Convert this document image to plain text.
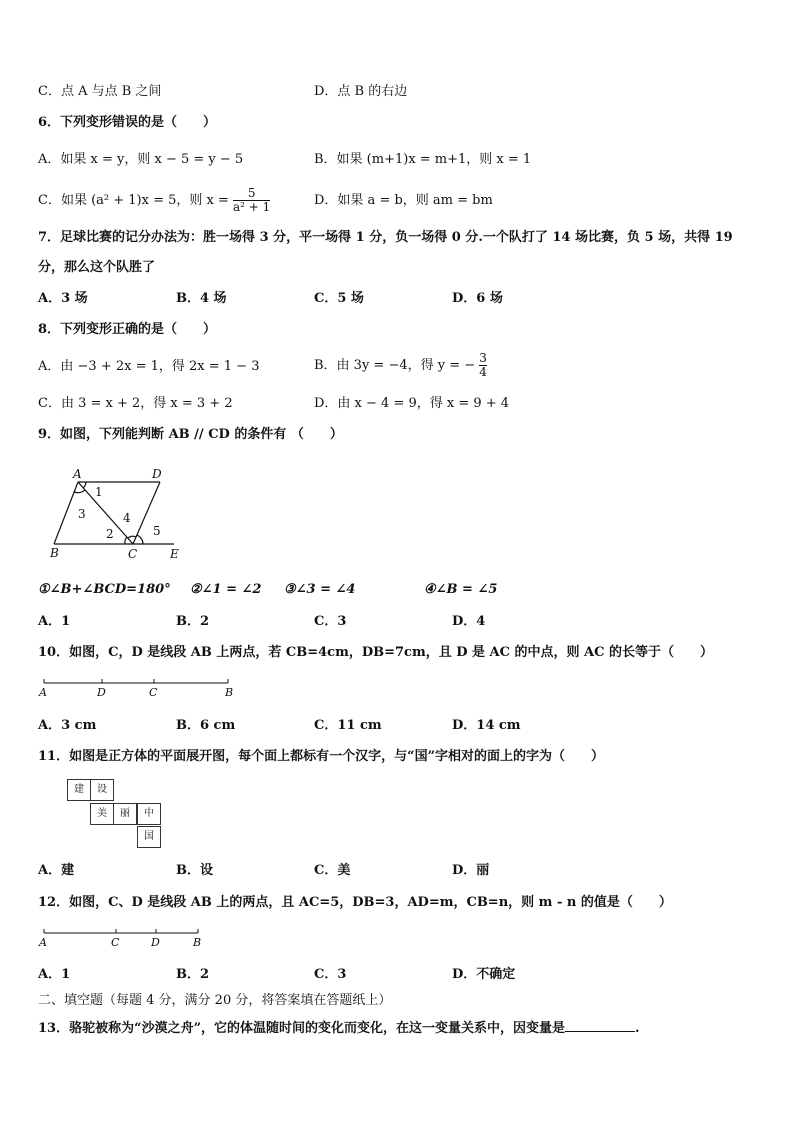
C．点 A 与点 B 之间	D．点 B 的右边
6．下列变形错误的是（　　）
A．如果 x = y，则 x − 5 = y − 5	B．如果 (m+1)x = m+1，则 x = 1
C．如果 (a² + 1)x = 5，则 $x = \frac{5}{\text{a² + 1}}$	D．如果 a = b，则 am = bm
7．足球比赛的记分办法为：胜一场得 3 分，平一场得 1 分，负一场得 0 分.一个队打了 14 场比赛，负 5 场，共得 19
分，那么这个队胜了
A．3 场	B．4 场	C．5 场	D．6 场
8．下列变形正确的是（　　）
A．由 −3 + 2x = 1，得 2x = 1 − 3	B．由 3y = −4，得 y = − $\frac{3}{4}$
C．由 3 = x + 2，得 x = 3 + 2	D．由 x − 4 = 9，得 x = 9 + 4
9．如图，下列能判断 AB // CD 的条件有 （　　）
A	D
B	C	E
1
3	4
2	5
①∠B+∠BCD=180° ②∠1 = ∠2 ③∠3 = ∠4	④∠B = ∠5
A．1	B．2	C．3	D．4
10．如图，C，D 是线段 AB 上两点，若 CB=4cm，DB=7cm，且 D 是 AC 的中点，则 AC 的长等于（　　）
A	D	C	B
A．3 cm	B．6 cm	C．11 cm	D．14 cm
11．如图是正方体的平面展开图，每个面上都标有一个汉字，与“国”字相对的面上的字为（　　）
建	设
美	丽	中
国
A．建	B．设	C．美	D．丽
12．如图，C、D 是线段 AB 上的两点，且 AC=5，DB=3，AD=m，CB=n，则 m - n 的值是（　　）
A	C	D	B
A．1	B．2	C．3	D．不确定
二、填空题（每题 4 分，满分 20 分，将答案填在答题纸上）
13．骆驼被称为“沙漠之舟”，它的体温随时间的变化而变化，在这一变量关系中，因变量是	.
